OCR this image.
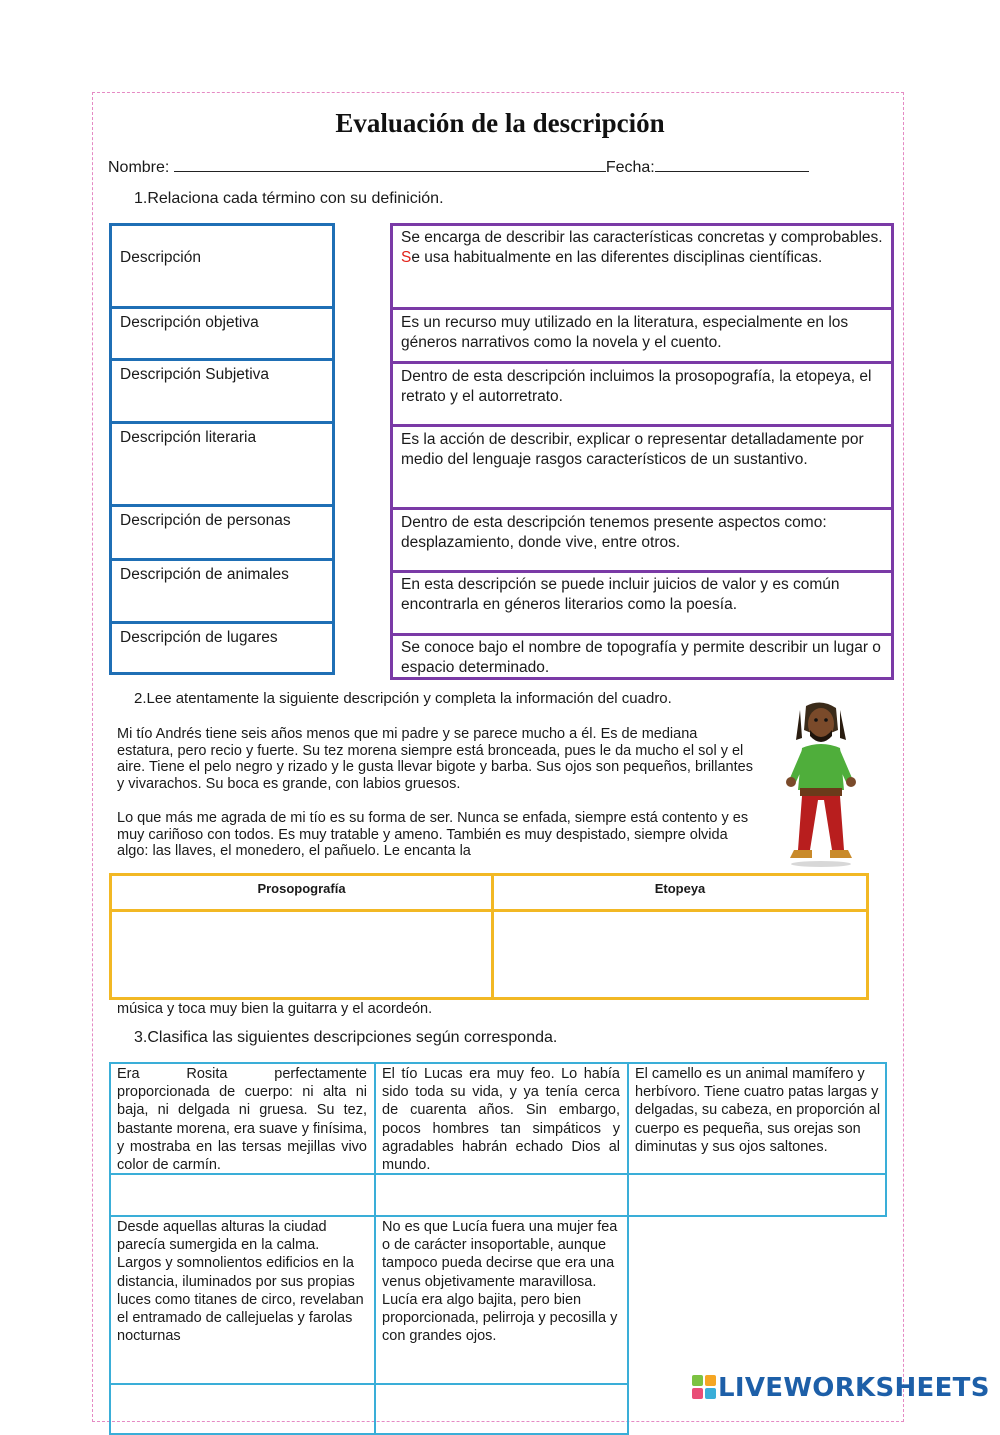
Evaluación de la descripción
Nombre:	Fecha:
1.Relaciona cada término con su definición.
Descripción
Descripción objetiva
Descripción Subjetiva
Descripción literaria
Descripción de personas
Descripción de animales
Descripción de lugares
Se encarga de describir las características concretas y comprobables. Se usa habitualmente en las diferentes disciplinas científicas.
Es un recurso muy utilizado en la literatura, especialmente en los géneros narrativos como la novela y el cuento.
Dentro de esta descripción incluimos la prosopografía, la etopeya, el retrato y el autorretrato.
Es la acción de describir, explicar o representar detalladamente por medio del lenguaje rasgos característicos de un sustantivo.
Dentro de esta descripción tenemos presente aspectos como: desplazamiento, donde vive, entre otros.
En esta descripción se puede incluir juicios de valor y es común encontrarla en géneros literarios como la poesía.
Se conoce bajo el nombre de topografía y permite describir un lugar o espacio determinado.
2.Lee atentamente la siguiente descripción y completa la información del cuadro.

Mi tío Andrés tiene seis años menos que mi padre y se parece mucho a él. Es de mediana estatura, pero recio y fuerte. Su tez morena siempre está bronceada, pues le da mucho el sol y el aire. Tiene el pelo negro y rizado y le gusta llevar bigote y barba. Sus ojos son pequeños, brillantes y vivarachos. Su boca es grande, con labios gruesos.

Lo que más me agrada de mi tío es su forma de ser. Nunca se enfada, siempre está contento y es muy cariñoso con todos. Es muy tratable y ameno. También es muy despistado, siempre olvida algo: las llaves, el monedero, el pañuelo. Le encanta la

Prosopografía	Etopeya
música y toca muy bien la guitarra y el acordeón.
3.Clasifica las siguientes descripciones según corresponda.
Era Rosita perfectamente proporcionada de cuerpo: ni alta ni baja, ni delgada ni gruesa. Su tez, bastante morena, era suave y finísima, y mostraba en las tersas mejillas vivo color de carmín.
El tío Lucas era muy feo. Lo había sido toda su vida, y ya tenía cerca de cuarenta años. Sin embargo, pocos hombres tan simpáticos y agradables habrán echado Dios al mundo.
El camello es un animal mamífero y herbívoro. Tiene cuatro patas largas y delgadas, su cabeza, en proporción al cuerpo es pequeña, sus orejas son diminutas y sus ojos saltones.
Desde aquellas alturas la ciudad parecía sumergida en la calma. Largos y somnolientos edificios en la distancia, iluminados por sus propias luces como titanes de circo, revelaban el entramado de callejuelas y farolas nocturnas
No es que Lucía fuera una mujer fea o de carácter insoportable, aunque tampoco pueda decirse que era una venus objetivamente maravillosa. Lucía era algo bajita, pero bien proporcionada, pelirroja y pecosilla y con grandes ojos.
LIVEWORKSHEETS
